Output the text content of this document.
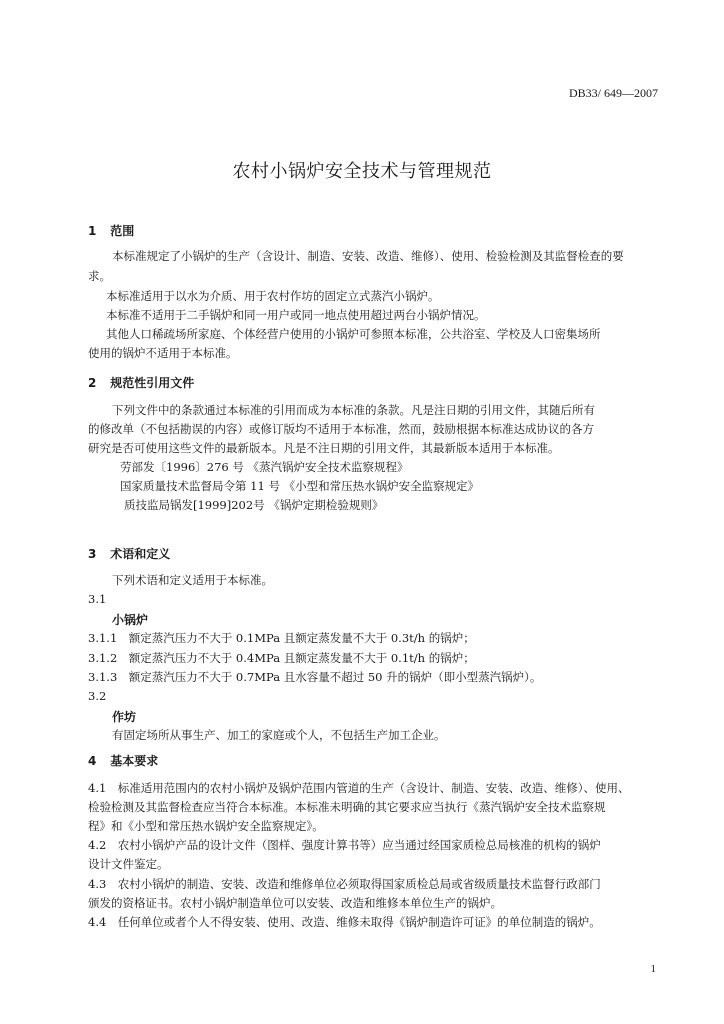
DB33/ 649—2007
农村小锅炉安全技术与管理规范
1 范围
本标准规定了小锅炉的生产（含设计、制造、安装、改造、维修）、使用、检验检测及其监督检查的要
求。
本标准适用于以水为介质、用于农村作坊的固定立式蒸汽小锅炉。
本标准不适用于二手锅炉和同一用户或同一地点使用超过两台小锅炉情况。
其他人口稀疏场所家庭、个体经营户使用的小锅炉可参照本标准，公共浴室、学校及人口密集场所
使用的锅炉不适用于本标准。
2 规范性引用文件
下列文件中的条款通过本标准的引用而成为本标准的条款。凡是注日期的引用文件，其随后所有
的修改单（不包括勘误的内容）或修订版均不适用于本标准，然而，鼓励根据本标准达成协议的各方
研究是否可使用这些文件的最新版本。凡是不注日期的引用文件，其最新版本适用于本标准。
劳部发〔1996〕276 号 《蒸汽锅炉安全技术监察规程》
国家质量技术监督局令第 11 号 《小型和常压热水锅炉安全监察规定》
质技监局锅发[1999]202号 《锅炉定期检验规则》
3 术语和定义
下列术语和定义适用于本标准。
3.1
小锅炉
3.1.1　额定蒸汽压力不大于 0.1MPa 且额定蒸发量不大于 0.3t/h 的锅炉；
3.1.2　额定蒸汽压力不大于 0.4MPa 且额定蒸发量不大于 0.1t/h 的锅炉；
3.1.3　额定蒸汽压力不大于 0.7MPa 且水容量不超过 50 升的锅炉（即小型蒸汽锅炉）。
3.2
作坊
有固定场所从事生产、加工的家庭或个人，不包括生产加工企业。
4 基本要求
4.1　标准适用范围内的农村小锅炉及锅炉范围内管道的生产（含设计、制造、安装、改造、维修）、使用、
检验检测及其监督检查应当符合本标准。本标准未明确的其它要求应当执行《蒸汽锅炉安全技术监察规
程》和《小型和常压热水锅炉安全监察规定》。
4.2　农村小锅炉产品的设计文件（图样、强度计算书等）应当通过经国家质检总局核准的机构的锅炉
设计文件鉴定。
4.3　农村小锅炉的制造、安装、改造和维修单位必须取得国家质检总局或省级质量技术监督行政部门
颁发的资格证书。农村小锅炉制造单位可以安装、改造和维修本单位生产的锅炉。
4.4　任何单位或者个人不得安装、使用、改造、维修未取得《锅炉制造许可证》的单位制造的锅炉。
1
